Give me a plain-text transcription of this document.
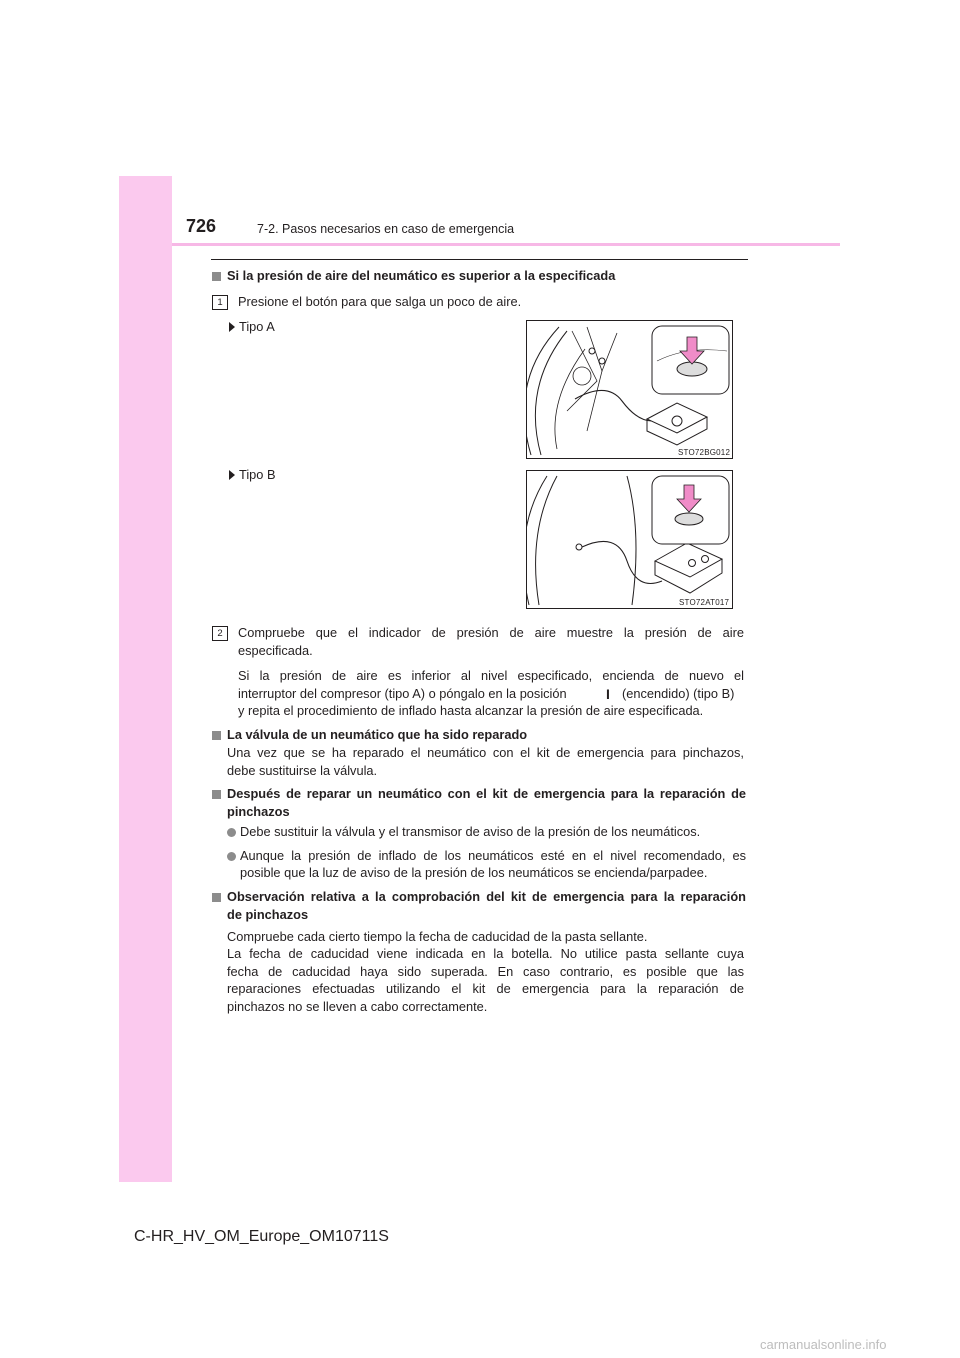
726	7-2. Pasos necesarios en caso de emergencia
Si la presión de aire del neumático es superior a la especificada
1	Presione el botón para que salga un poco de aire.
Tipo A
STO72BG012
Tipo B
STO72AT017
2	Compruebe que el indicador de presión de aire muestre la presión de aire
especificada.
Si la presión de aire es inferior al nivel especificado, encienda de nuevo el
interruptor del compresor (tipo A) o póngalo en la posición	I (encendido) (tipo B)
y repita el procedimiento de inflado hasta alcanzar la presión de aire especificada.
La válvula de un neumático que ha sido reparado
Una vez que se ha reparado el neumático con el kit de emergencia para pinchazos,
debe sustituirse la válvula.
Después de reparar un neumático con el kit de emergencia para la reparación de
pinchazos
Debe sustituir la válvula y el transmisor de aviso de la presión de los neumáticos.
Aunque la presión de inflado de los neumáticos esté en el nivel recomendado, es
posible que la luz de aviso de la presión de los neumáticos se encienda/parpadee.
Observación relativa a la comprobación del kit de emergencia para la reparación
de pinchazos
Compruebe cada cierto tiempo la fecha de caducidad de la pasta sellante.
La fecha de caducidad viene indicada en la botella. No utilice pasta sellante cuya
fecha de caducidad haya sido superada. En caso contrario, es posible que las
reparaciones efectuadas utilizando el kit de emergencia para la reparación de
pinchazos no se lleven a cabo correctamente.
C-HR_HV_OM_Europe_OM10711S
carmanualsonline.info
